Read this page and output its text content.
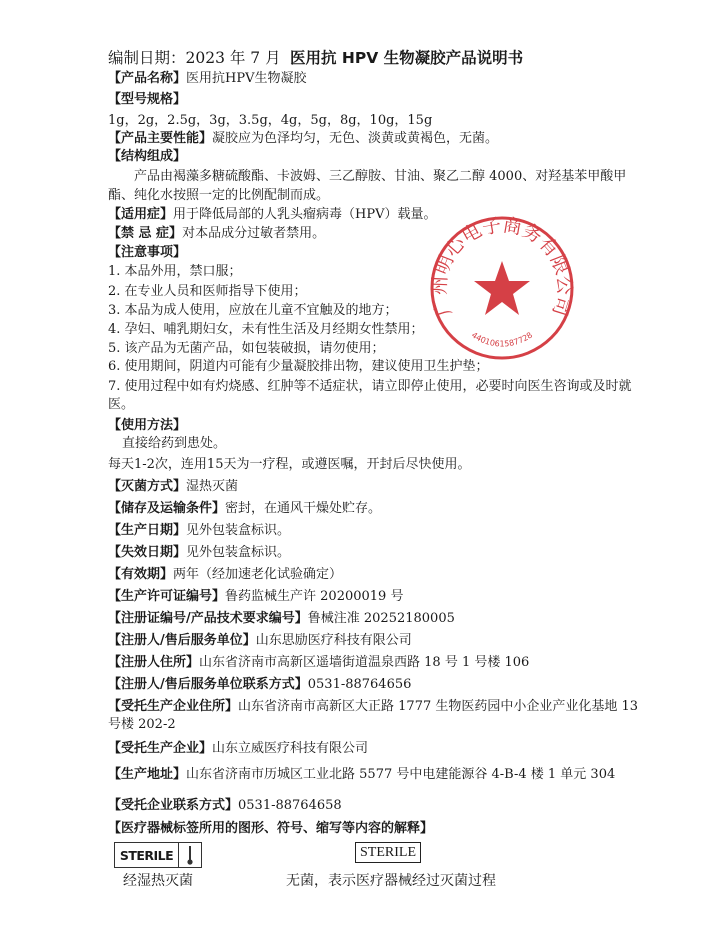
编制日期：2023 年 7 月 医用抗 HPV 生物凝胶产品说明书
【产品名称】医用抗HPV生物凝胶
【型号规格】
1g，2g，2.5g，3g，3.5g，4g，5g，8g，10g，15g
【产品主要性能】凝胶应为色泽均匀，无色、淡黄或黄褐色，无菌。
【结构组成】
产品由褐藻多糖硫酸酯、卡波姆、三乙醇胺、甘油、聚乙二醇 4000、对羟基苯甲酸甲
酯、纯化水按照一定的比例配制而成。
【适用症】用于降低局部的人乳头瘤病毒（HPV）载量。
【禁 忌 症】对本品成分过敏者禁用。
【注意事项】
1. 本品外用，禁口服；
2. 在专业人员和医师指导下使用；
3. 本品为成人使用，应放在儿童不宜触及的地方；
4. 孕妇、哺乳期妇女，未有性生活及月经期女性禁用；
5. 该产品为无菌产品，如包装破损，请勿使用；
6. 使用期间，阴道内可能有少量凝胶排出物，建议使用卫生护垫；
7. 使用过程中如有灼烧感、红肿等不适症状，请立即停止使用，必要时向医生咨询或及时就
医。
【使用方法】
直接给药到患处。
每天1-2次，连用15天为一疗程，或遵医嘱，开封后尽快使用。
【灭菌方式】湿热灭菌
【储存及运输条件】密封，在通风干燥处贮存。
【生产日期】见外包装盒标识。
【失效日期】见外包装盒标识。
【有效期】两年（经加速老化试验确定）
【生产许可证编号】鲁药监械生产许 20200019 号
【注册证编号/产品技术要求编号】鲁械注准 20252180005
【注册人/售后服务单位】山东思励医疗科技有限公司
【注册人住所】山东省济南市高新区遥墙街道温泉西路 18 号 1 号楼 106
【注册人/售后服务单位联系方式】0531-88764656
【受托生产企业住所】山东省济南市高新区大正路 1777 生物医药园中小企业产业化基地 13
号楼 202-2
【受托生产企业】山东立威医疗科技有限公司
【生产地址】山东省济南市历城区工业北路 5577 号中电建能源谷 4-B-4 楼 1 单元 304
【受托企业联系方式】0531-88764658
【医疗器械标签所用的图形、符号、缩写等内容的解释】
STERILE	STERILE
经湿热灭菌	无菌，表示医疗器械经过灭菌过程
广州明心电子商务有限公司
4401061587728
